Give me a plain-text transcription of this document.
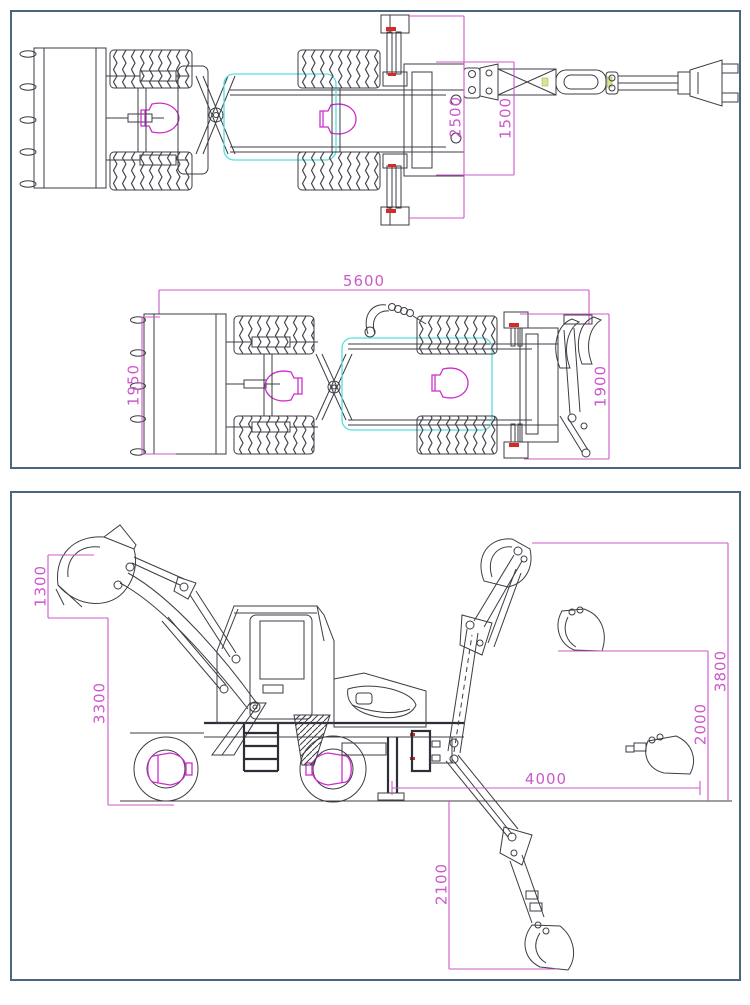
2500 1500
5600
1950	1900
1300
3300
3800
2000
4000
2100
